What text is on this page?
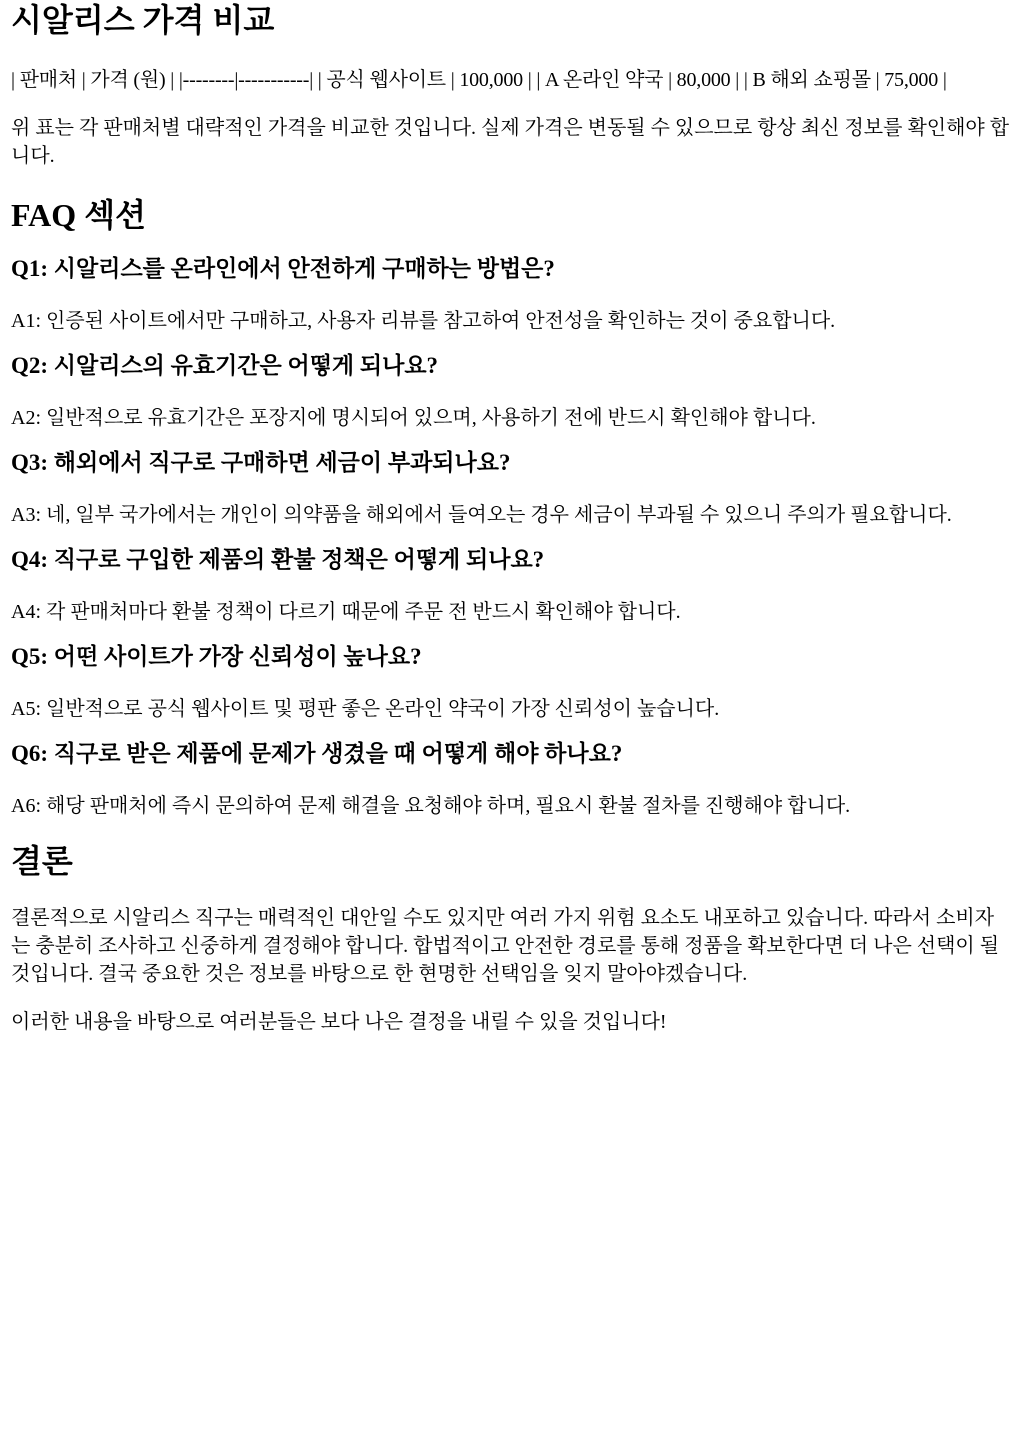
시알리스 가격 비교

| 판매처 | 가격 (원) | |--------|-----------| | 공식 웹사이트 | 100,000 | | A 온라인 약국 | 80,000 | | B 해외 쇼핑몰 | 75,000 |

위 표는 각 판매처별 대략적인 가격을 비교한 것입니다. 실제 가격은 변동될 수 있으므로 항상 최신 정보를 확인해야 합니다.

FAQ 섹션
Q1: 시알리스를 온라인에서 안전하게 구매하는 방법은?

A1: 인증된 사이트에서만 구매하고, 사용자 리뷰를 참고하여 안전성을 확인하는 것이 중요합니다.

Q2: 시알리스의 유효기간은 어떻게 되나요?

A2: 일반적으로 유효기간은 포장지에 명시되어 있으며, 사용하기 전에 반드시 확인해야 합니다.

Q3: 해외에서 직구로 구매하면 세금이 부과되나요?

A3: 네, 일부 국가에서는 개인이 의약품을 해외에서 들여오는 경우 세금이 부과될 수 있으니 주의가 필요합니다.

Q4: 직구로 구입한 제품의 환불 정책은 어떻게 되나요?

A4: 각 판매처마다 환불 정책이 다르기 때문에 주문 전 반드시 확인해야 합니다.

Q5: 어떤 사이트가 가장 신뢰성이 높나요?

A5: 일반적으로 공식 웹사이트 및 평판 좋은 온라인 약국이 가장 신뢰성이 높습니다.

Q6: 직구로 받은 제품에 문제가 생겼을 때 어떻게 해야 하나요?

A6: 해당 판매처에 즉시 문의하여 문제 해결을 요청해야 하며, 필요시 환불 절차를 진행해야 합니다.

결론

결론적으로 시알리스 직구는 매력적인 대안일 수도 있지만 여러 가지 위험 요소도 내포하고 있습니다. 따라서 소비자는 충분히 조사하고 신중하게 결정해야 합니다. 합법적이고 안전한 경로를 통해 정품을 확보한다면 더 나은 선택이 될 것입니다. 결국 중요한 것은 정보를 바탕으로 한 현명한 선택임을 잊지 말아야겠습니다.

이러한 내용을 바탕으로 여러분들은 보다 나은 결정을 내릴 수 있을 것입니다!
